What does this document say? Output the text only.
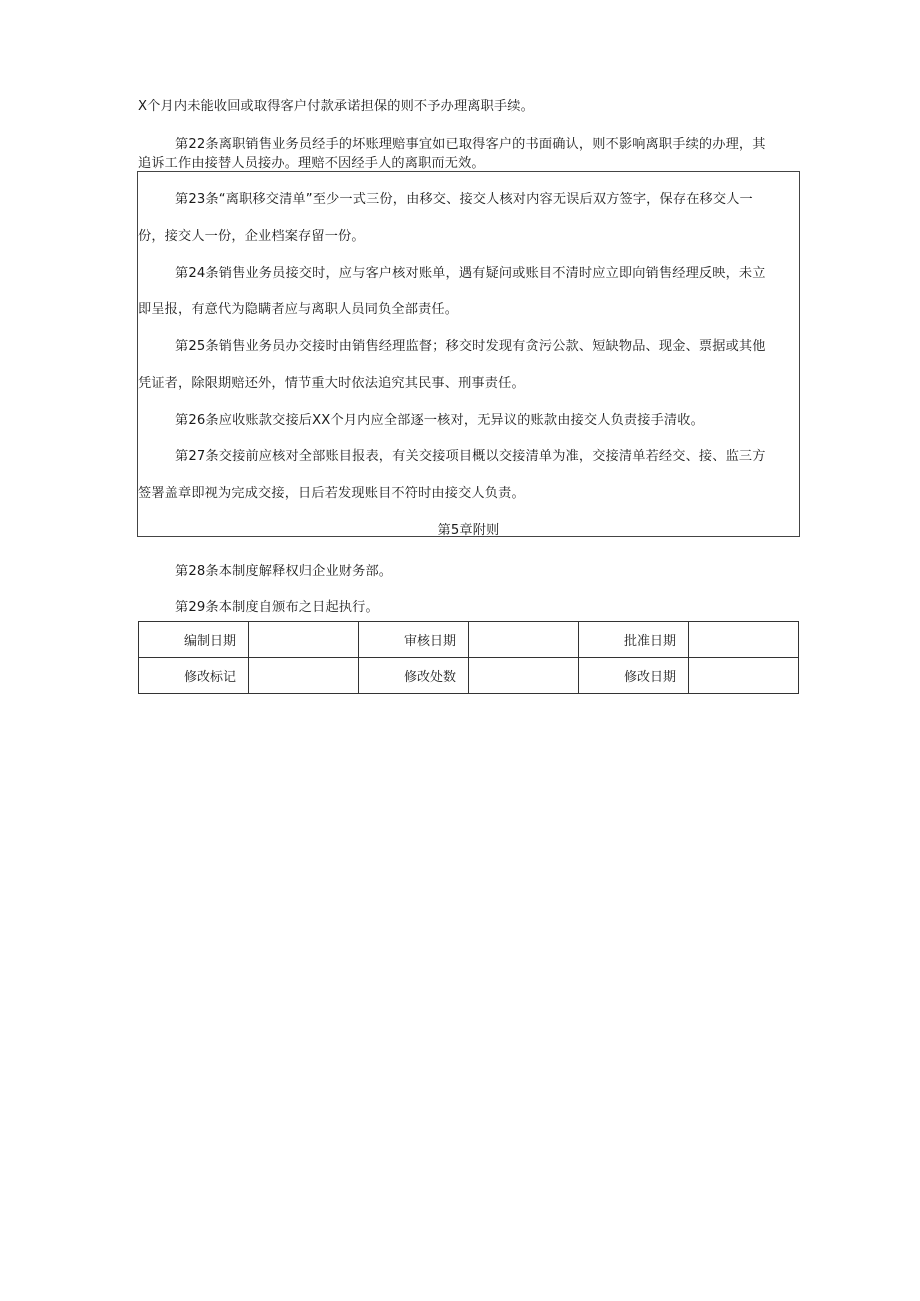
X个月内未能收回或取得客户付款承诺担保的则不予办理离职手续。
第22条离职销售业务员经手的坏账理赔事宜如已取得客户的书面确认，则不影响离职手续的办理，其
追诉工作由接替人员接办。理赔不因经手人的离职而无效。
第23条“离职移交清单”至少一式三份，由移交、接交人核对内容无误后双方签字，保存在移交人一
份，接交人一份，企业档案存留一份。
第24条销售业务员接交时，应与客户核对账单，遇有疑问或账目不清时应立即向销售经理反映，未立
即呈报，有意代为隐瞒者应与离职人员同负全部责任。
第25条销售业务员办交接时由销售经理监督；移交时发现有贪污公款、短缺物品、现金、票据或其他
凭证者，除限期赔还外，情节重大时依法追究其民事、刑事责任。
第26条应收账款交接后XX个月内应全部逐一核对，无异议的账款由接交人负责接手清收。
第27条交接前应核对全部账目报表，有关交接项目概以交接清单为准，交接清单若经交、接、监三方
签署盖章即视为完成交接，日后若发现账目不符时由接交人负责。
第5章附则
第28条本制度解释权归企业财务部。
第29条本制度自颁布之日起执行。
编制日期		审核日期		批准日期	
修改标记		修改处数		修改日期	
